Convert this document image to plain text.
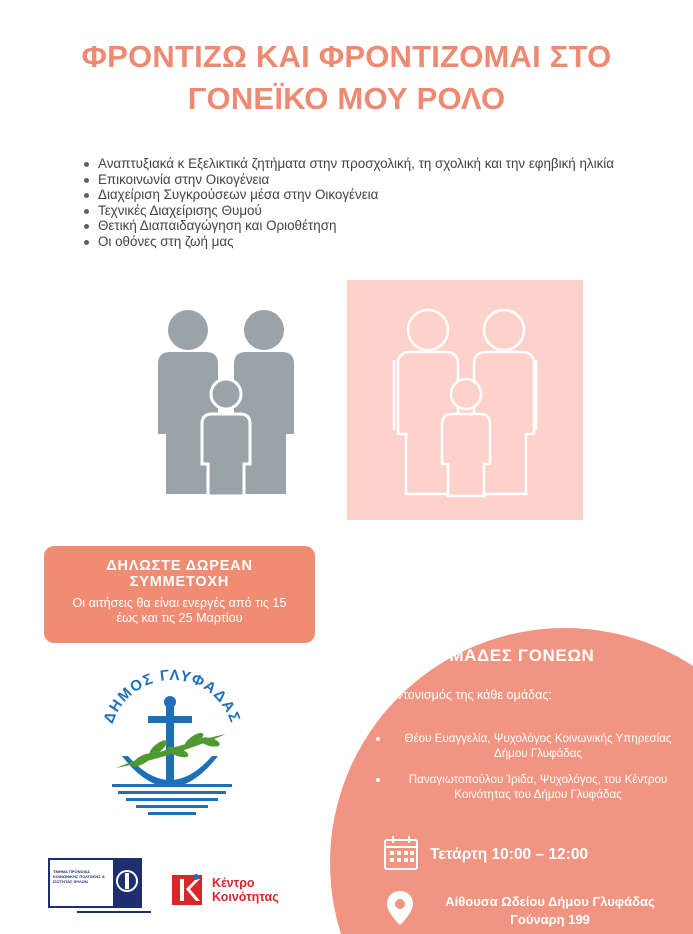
ΦΡΟΝΤΙΖΩ ΚΑΙ ΦΡΟΝΤΙΖΟΜΑΙ ΣΤΟ
ΓΟΝΕΪΚΟ ΜΟΥ ΡΟΛΟ
Αναπτυξιακά κ Εξελικτικά ζητήματα στην προσχολική, τη σχολική και την εφηβική ηλικία
Επικοινωνία στην Οικογένεια
Διαχείριση Συγκρούσεων μέσα στην Οικογένεια
Τεχνικές Διαχείρισης Θυμού
Θετική Διαπαιδαγώγηση και Οριοθέτηση
Οι οθόνες στη ζωή μας
ΔΗΛΩΣΤΕ ΔΩΡΕΑΝ ΣΥΜΜΕΤΟΧΗ
Οι αιτήσεις θα είναι ενεργές από τις 15 έως και τις 25 Μαρτίου
ΔΗΜΟΣ ΓΛΥΦΑΔΑΣ
ΟΜΑΔΕΣ ΓΟΝΕΩΝ
Συντονισμός της κάθε ομάδας:
Θέου Ευαγγελία, Ψυχολόγος Κοινωνικής Υπηρεσίας Δήμου Γλυφάδας
Παναγιωτοπούλου Ίριδα, Ψυχολόγος, του Κέντρου Κοινότητας του Δήμου Γλυφάδας
Τετάρτη 10:00 – 12:00
Αίθουσα Ωδείου Δήμου Γλυφάδας
Γούναρη 199
ΤΜΗΜΑ ΠΡΟΝΟΙΑΣ ΚΟΙΝΩΝΙΚΗΣ ΠΟΛΙΤΙΚΗΣ & ΙΣΟΤΗΤΑΣ ΦΥΛΩΝ	Κέντρο
Κοινότητας
